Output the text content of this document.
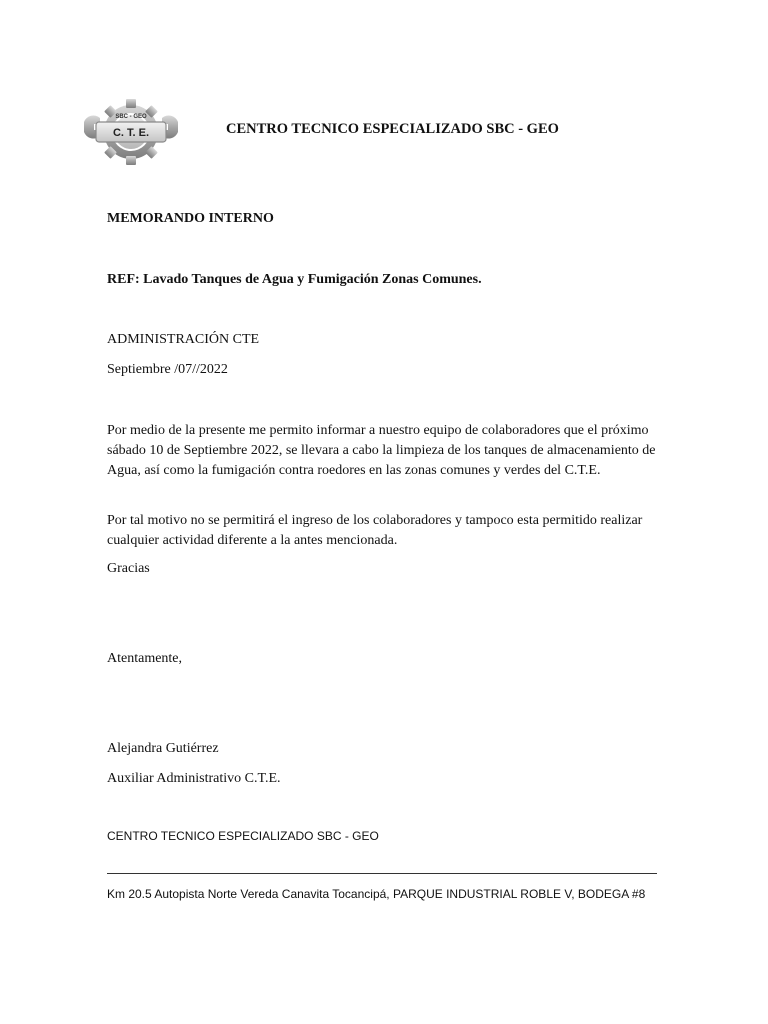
SBC - GEO
C. T. E.	CENTRO TECNICO ESPECIALIZADO SBC - GEO
MEMORANDO INTERNO
REF: Lavado Tanques de Agua y Fumigación Zonas Comunes.
ADMINISTRACIÓN CTE
Septiembre /07//2022
Por medio de la presente me permito informar a nuestro equipo de colaboradores que el próximo sábado 10 de Septiembre 2022, se llevara a cabo la limpieza de los tanques de almacenamiento de Agua, así como la fumigación contra roedores en las zonas comunes y verdes del C.T.E.
Por tal motivo no se permitirá el ingreso de los colaboradores y tampoco esta permitido realizar cualquier actividad diferente a la antes mencionada.
Gracias
Atentamente,
Alejandra Gutiérrez
Auxiliar Administrativo C.T.E.
CENTRO TECNICO ESPECIALIZADO SBC - GEO
Km 20.5 Autopista Norte Vereda Canavita Tocancipá, PARQUE INDUSTRIAL ROBLE V, BODEGA #8
